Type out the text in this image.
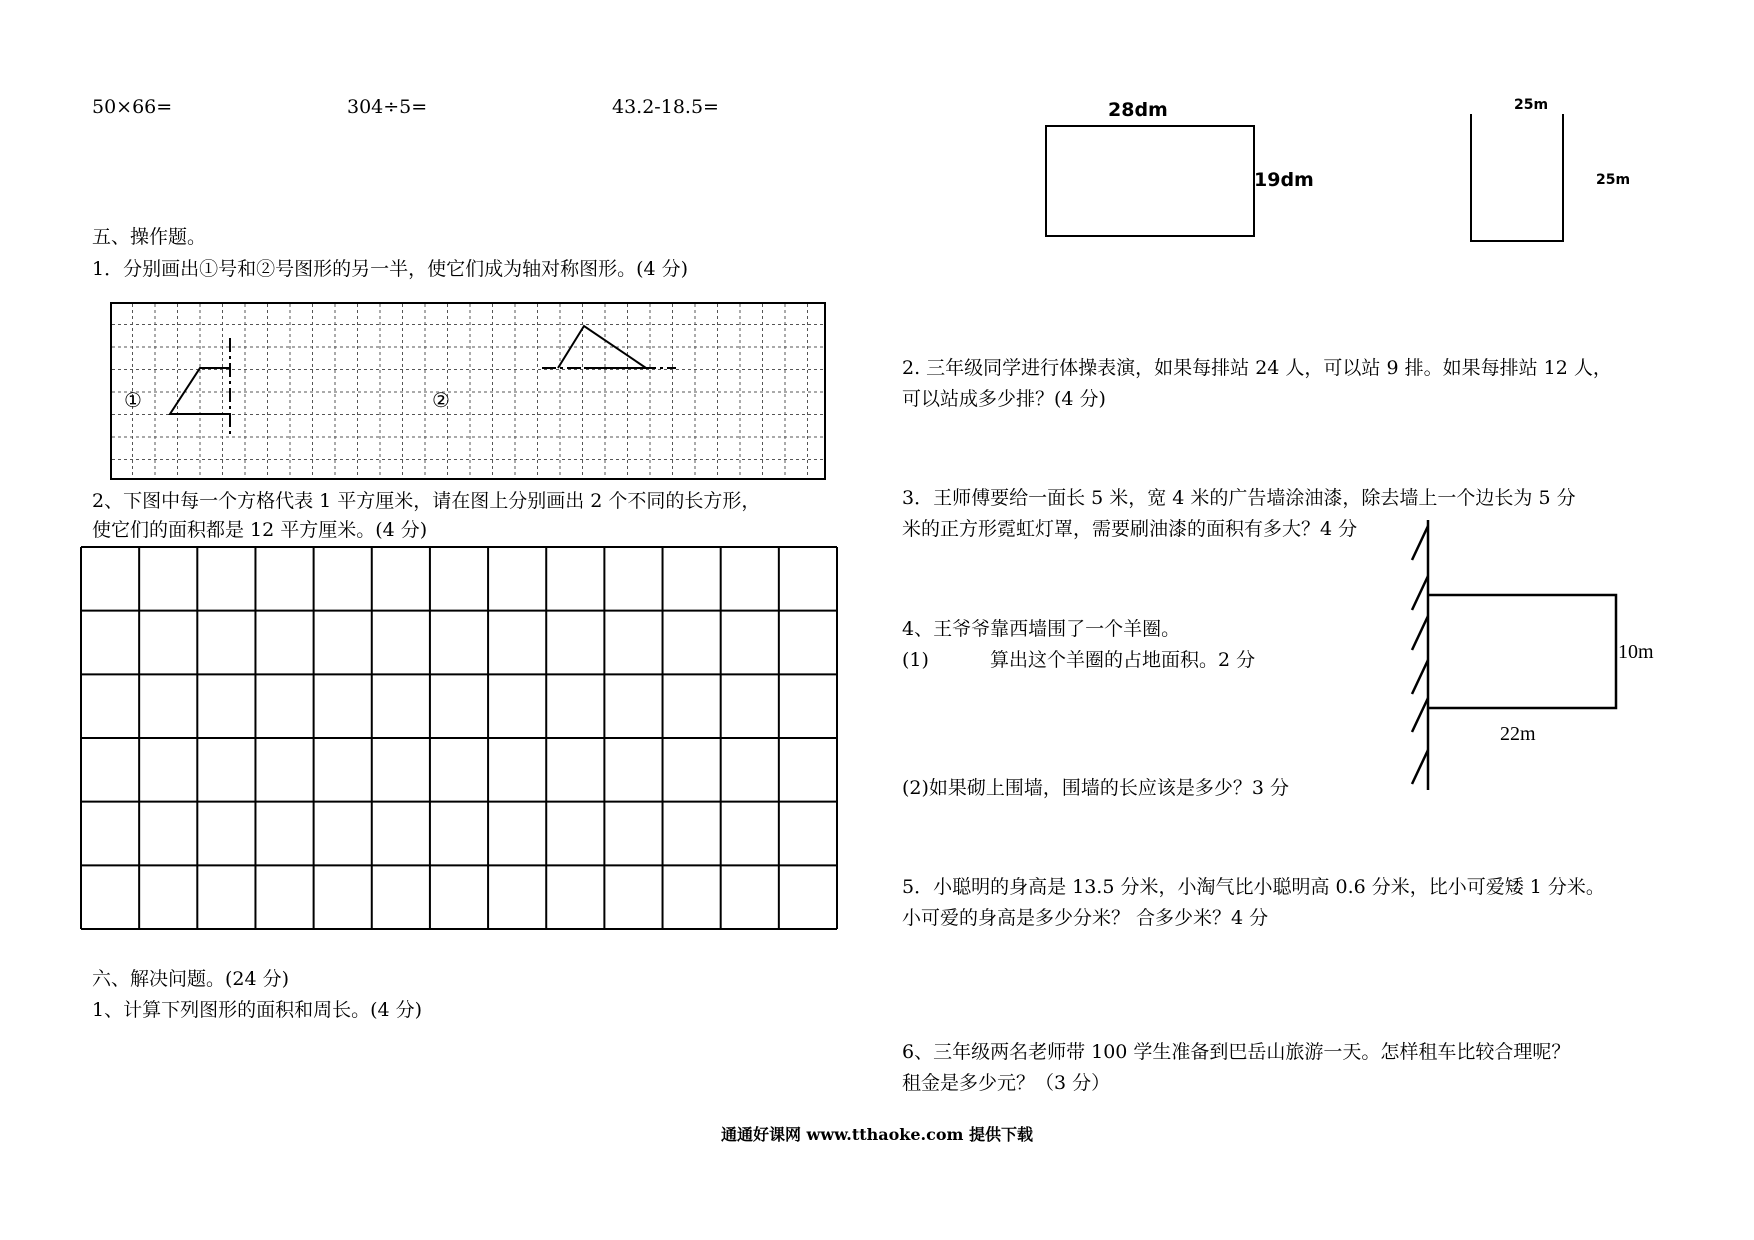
50×66=	304÷5=	43.2-18.5=
五、操作题。
1．分别画出①号和②号图形的另一半，使它们成为轴对称图形。(4 分)
①	②
2、下图中每一个方格代表 1 平方厘米，请在图上分别画出 2 个不同的长方形，
使它们的面积都是 12 平方厘米。(4 分)
六、解决问题。(24 分)
1、计算下列图形的面积和周长。(4 分)
28dm
19dm
25m
25m
2. 三年级同学进行体操表演，如果每排站 24 人，可以站 9 排。如果每排站 12 人，
可以站成多少排？(4 分)
3．王师傅要给一面长 5 米，宽 4 米的广告墙涂油漆，除去墙上一个边长为 5 分
米的正方形霓虹灯罩，需要刷油漆的面积有多大？4 分
10m
22m
4、王爷爷靠西墙围了一个羊圈。
(1)	算出这个羊圈的占地面积。2 分
(2)如果砌上围墙，围墙的长应该是多少？3 分
5．小聪明的身高是 13.5 分米，小淘气比小聪明高 0.6 分米，比小可爱矮 1 分米。
小可爱的身高是多少分米？ 合多少米？4 分
6、三年级两名老师带 100 学生准备到巴岳山旅游一天。怎样租车比较合理呢？
租金是多少元？（3 分）
通通好课网 www.tthaoke.com 提供下载
